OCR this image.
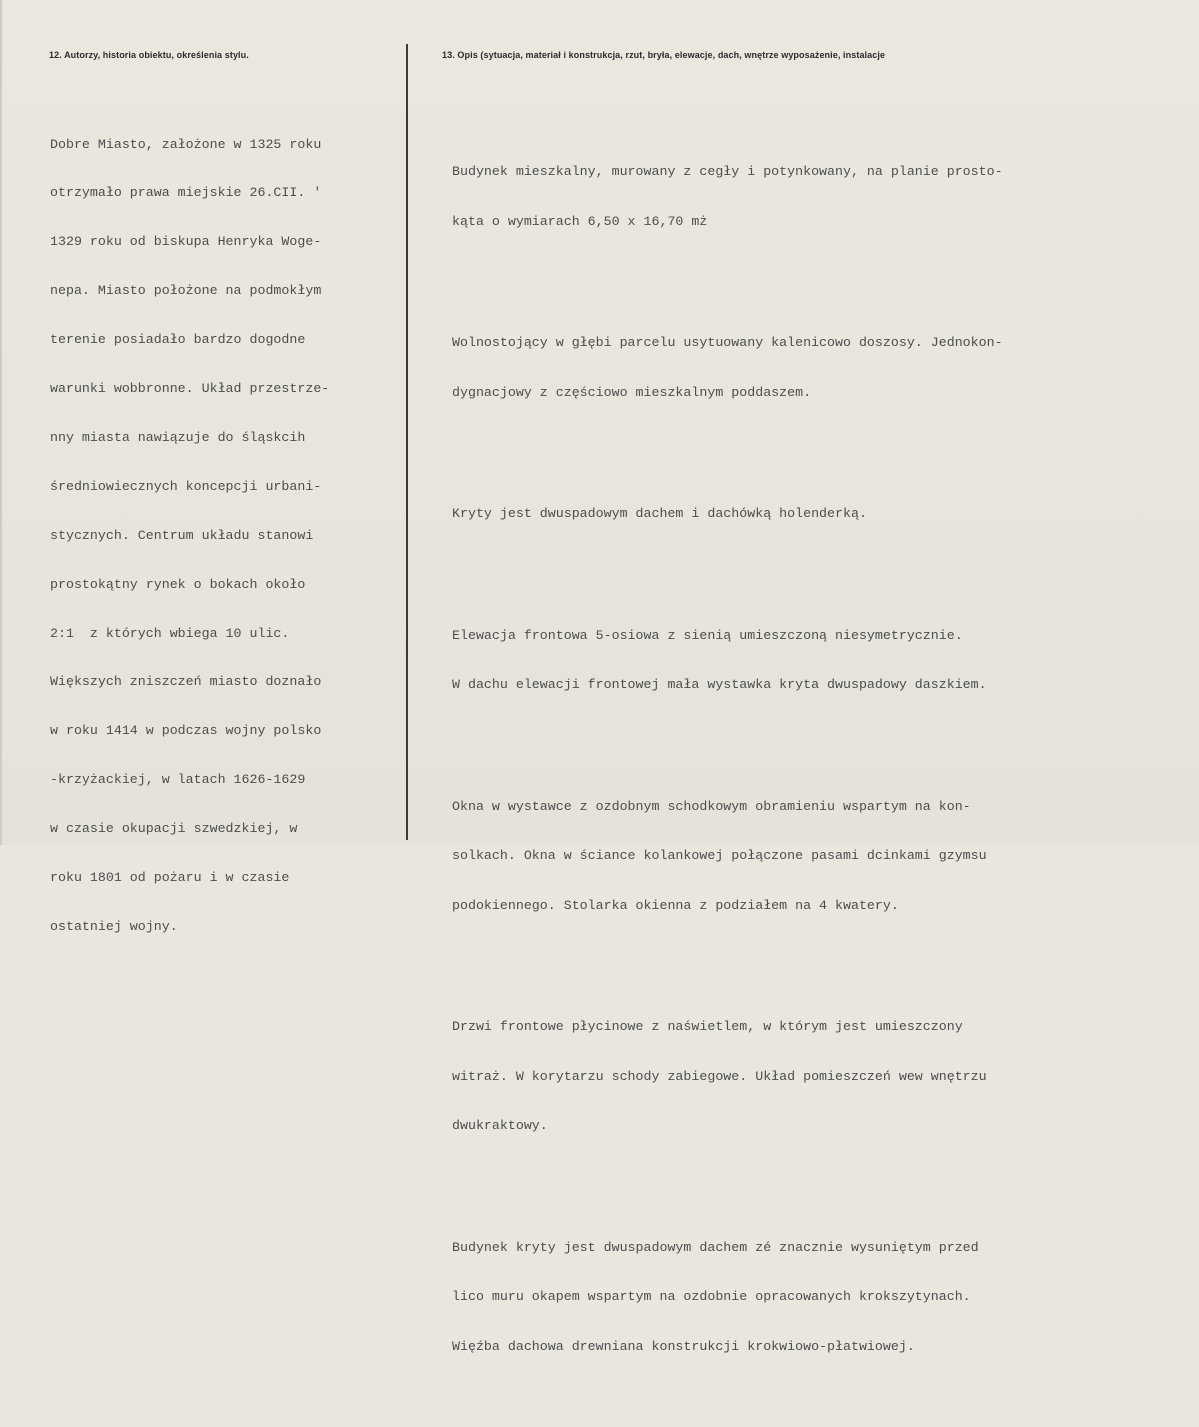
12. Autorzy, historia obiektu, określenia stylu.	13. Opis (sytuacja, materiał i konstrukcja, rzut, bryła, elewacje, dach, wnętrze wyposażenie, instalacje

Dobre Miasto, założone w 1325 roku

otrzymało prawa miejskie 26.CII. '

1329 roku od biskupa Henryka Woge-

nepa. Miasto położone na podmokłym

terenie posiadało bardzo dogodne

warunki wobbronne. Układ przestrze-

nny miasta nawiązuje do śląskcih

średniowiecznych koncepcji urbani-

stycznych. Centrum układu stanowi

prostokątny rynek o bokach około

2:1  z których wbiega 10 ulic.

Większych zniszczeń miasto doznało

w roku 1414 w podczas wojny polsko

-krzyżackiej, w latach 1626-1629

w czasie okupacji szwedzkiej, w

roku 1801 od pożaru i w czasie

ostatniej wojny.

Budynek mieszkalny, murowany z cegły i potynkowany, na planie prosto-

kąta o wymiarach 6,50 x 16,70 mż

Wolnostojący w głębi parcelu usytuowany kalenicowo doszosy. Jednokon-

dygnacjowy z częściowo mieszkalnym poddaszem.

Kryty jest dwuspadowym dachem i dachówką holenderką.

Elewacja frontowa 5-osiowa z sienią umieszczoną niesymetrycznie.

W dachu elewacji frontowej mała wystawka kryta dwuspadowy daszkiem.

Okna w wystawce z ozdobnym schodkowym obramieniu wspartym na kon-

solkach. Okna w ściance kolankowej połączone pasami dcinkami gzymsu

podokiennego. Stolarka okienna z podziałem na 4 kwatery.

Drzwi frontowe płycinowe z naświetlem, w którym jest umieszczony

witraż. W korytarzu schody zabiegowe. Układ pomieszczeń wew wnętrzu

dwukraktowy.

Budynek kryty jest dwuspadowym dachem zé znacznie wysuniętym przed

lico muru okapem wspartym na ozdobnie opracowanych krokszytynach.

Więźba dachowa drewniana konstrukcji krokwiowo-płatwiowej.
